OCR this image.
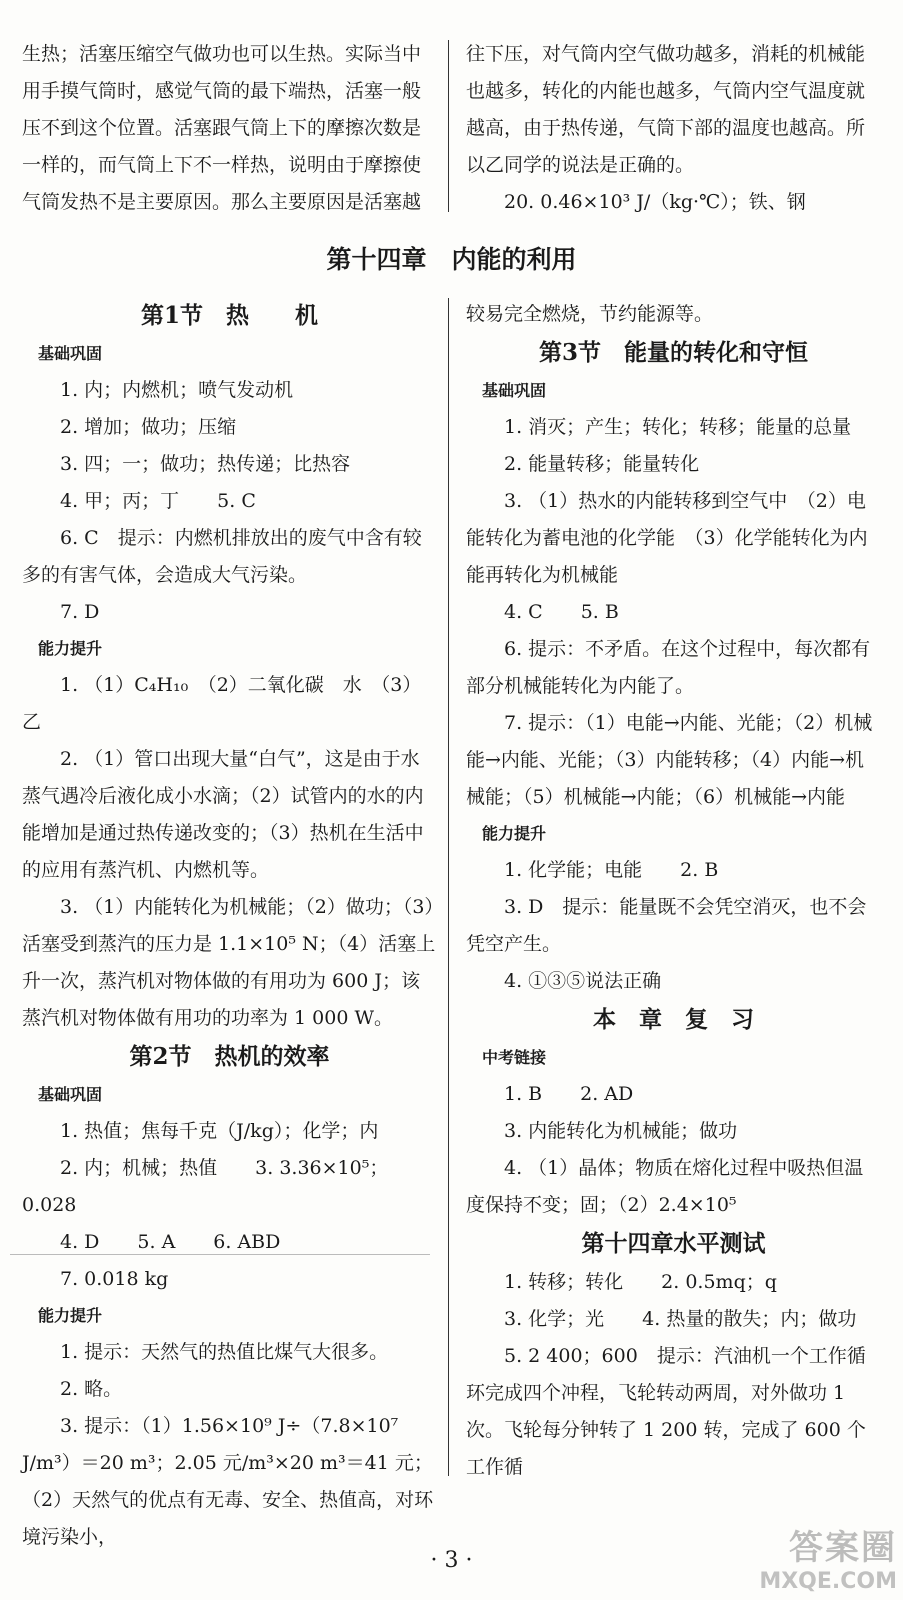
生热；活塞压缩空气做功也可以生热。实际当中

用手摸气筒时，感觉气筒的最下端热，活塞一般

压不到这个位置。活塞跟气筒上下的摩擦次数是

一样的，而气筒上下不一样热，说明由于摩擦使

气筒发热不是主要原因。那么主要原因是活塞越

往下压，对气筒内空气做功越多，消耗的机械能

也越多，转化的内能也越多，气筒内空气温度就

越高，由于热传递，气筒下部的温度也越高。所

以乙同学的说法是正确的。

20. 0.46×10³ J/（kg·℃）；铁、钢

第十四章　内能的利用

第1节　热　　机

基础巩固

1. 内；内燃机；喷气发动机

2. 增加；做功；压缩

3. 四；一；做功；热传递；比热容

4. 甲；丙；丁　　5. C

6. C　提示：内燃机排放出的废气中含有较多的有害气体，会造成大气污染。

7. D

能力提升

1. （1）C₄H₁₀　（2）二氧化碳　水　（3）乙

2. （1）管口出现大量“白气”，这是由于水蒸气遇冷后液化成小水滴；（2）试管内的水的内能增加是通过热传递改变的；（3）热机在生活中的应用有蒸汽机、内燃机等。

3. （1）内能转化为机械能；（2）做功；（3）活塞受到蒸汽的压力是 1.1×10⁵ N；（4）活塞上升一次，蒸汽机对物体做的有用功为 600 J；该蒸汽机对物体做有用功的功率为 1 000 W。

第2节　热机的效率

基础巩固

1. 热值；焦每千克（J/kg）；化学；内

2. 内；机械；热值　　3. 3.36×10⁵；0.028

4. D　　5. A　　6. ABD

7. 0.018 kg

能力提升

1. 提示：天然气的热值比煤气大很多。

2. 略。

3. 提示：（1）1.56×10⁹ J÷（7.8×10⁷ J/m³）＝20 m³；2.05 元/m³×20 m³＝41 元；（2）天然气的优点有无毒、安全、热值高，对环境污染小，

较易完全燃烧，节约能源等。

第3节　能量的转化和守恒

基础巩固

1. 消灭；产生；转化；转移；能量的总量

2. 能量转移；能量转化

3. （1）热水的内能转移到空气中　（2）电能转化为蓄电池的化学能　（3）化学能转化为内能再转化为机械能

4. C　　5. B

6. 提示：不矛盾。在这个过程中，每次都有部分机械能转化为内能了。

7. 提示：（1）电能→内能、光能；（2）机械能→内能、光能；（3）内能转移；（4）内能→机械能；（5）机械能→内能；（6）机械能→内能

能力提升

1. 化学能；电能　　2. B

3. D　提示：能量既不会凭空消灭，也不会凭空产生。

4. ①③⑤说法正确

本　章　复　习

中考链接

1. B　　2. AD

3. 内能转化为机械能；做功

4. （1）晶体；物质在熔化过程中吸热但温度保持不变；固；（2）2.4×10⁵

第十四章水平测试

1. 转移；转化　　2. 0.5mq；q

3. 化学；光　　4. 热量的散失；内；做功

5. 2 400；600　提示：汽油机一个工作循环完成四个冲程，飞轮转动两周，对外做功 1 次。飞轮每分钟转了 1 200 转，完成了 600 个工作循

· 3 ·	答案圈
MXQE.COM
